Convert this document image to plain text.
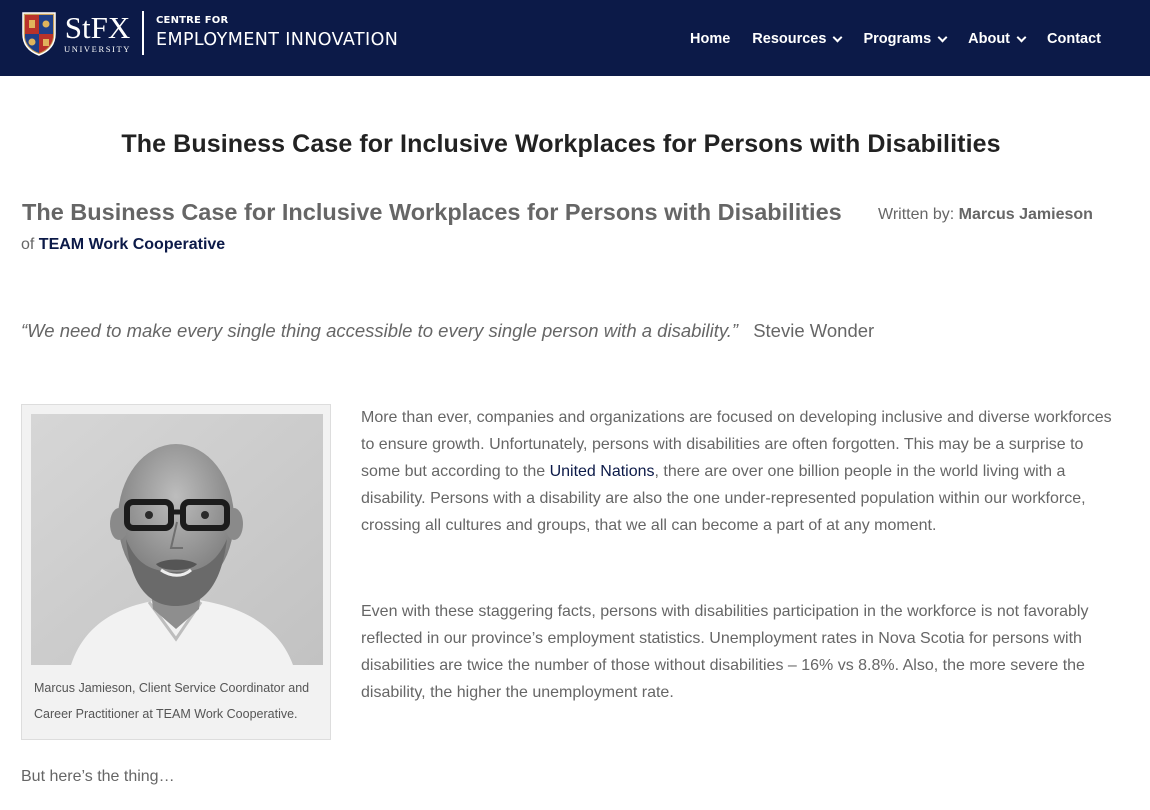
StFX
UNIVERSITY
CENTRE FOR
EMPLOYMENT INNOVATION	Home Resources	Programs	About	Contact
The Business Case for Inclusive Workplaces for Persons with Disabilities
The Business Case for Inclusive Workplaces for Persons with Disabilities Written by: Marcus Jamieson
of TEAM Work Cooperative
“We need to make every single thing accessible to every single person with a disability.” Stevie Wonder
Marcus Jamieson, Client Service Coordinator and Career Practitioner at TEAM Work Cooperative.

More than ever, companies and organizations are focused on developing inclusive and diverse workforces to ensure growth. Unfortunately, persons with disabilities are often forgotten. This may be a surprise to some but according to the United Nations, there are over one billion people in the world living with a disability. Persons with a disability are also the one under-represented population within our workforce, crossing all cultures and groups, that we all can become a part of at any moment.

Even with these staggering facts, persons with disabilities participation in the workforce is not favorably reflected in our province’s employment statistics. Unemployment rates in Nova Scotia for persons with disabilities are twice the number of those without disabilities – 16% vs 8.8%. Also, the more severe the disability, the higher the unemployment rate.

But here’s the thing…
